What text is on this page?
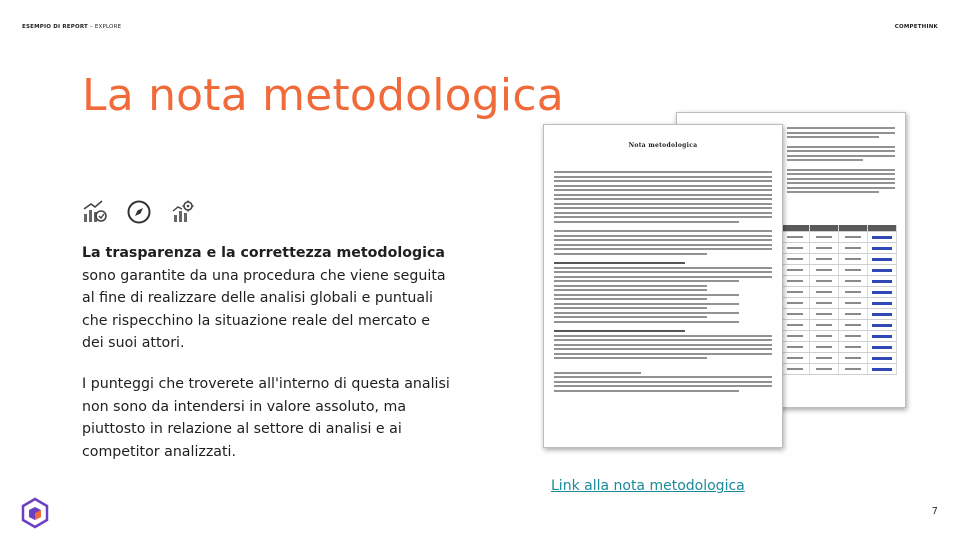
ESEMPIO DI REPORT – EXPLORE	COMPETHINK
La nota metodologica

La trasparenza e la correttezza metodologica sono garantite da una procedura che viene seguita al fine di realizzare delle analisi globali e puntuali che rispecchino la situazione reale del mercato e dei suoi attori.

I punteggi che troverete all'interno di questa analisi non sono da intendersi in valore assoluto, ma piuttosto in relazione al settore di analisi e ai competitor analizzati.

Nota metodologica
Link alla nota metodologica
7
